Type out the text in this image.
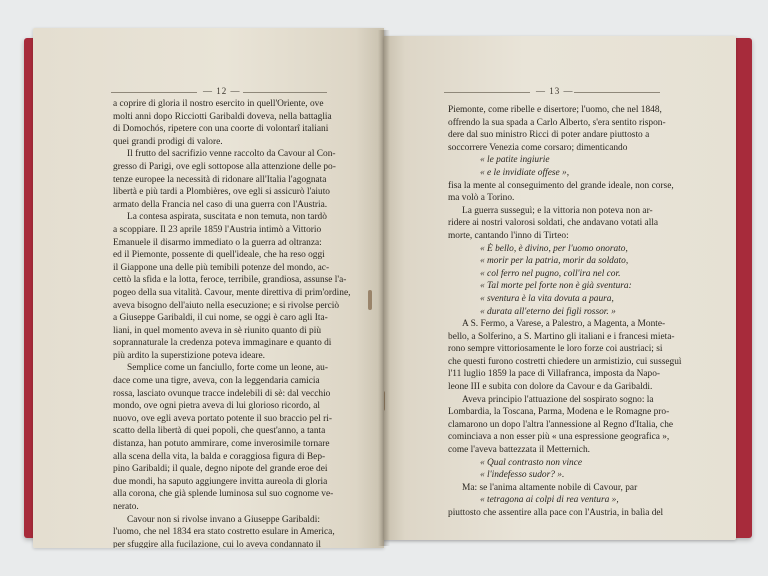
— 12 —
a coprire di gloria il nostro esercito in quell'Oriente, ove
molti anni dopo Ricciotti Garibaldi doveva, nella battaglia
di Domochós, ripetere con una coorte di volontarî italiani
quei grandi prodigi di valore.
Il frutto del sacrifizio venne raccolto da Cavour al Con-
gresso di Parigi, ove egli sottopose alla attenzione delle po-
tenze europee la necessità di ridonare all'Italia l'agognata
libertà e più tardi a Plombières, ove egli si assicurò l'aiuto
armato della Francia nel caso di una guerra con l'Austria.
La contesa aspirata, suscitata e non temuta, non tardò
a scoppiare. Il 23 aprile 1859 l'Austria intimò a Vittorio
Emanuele il disarmo immediato o la guerra ad oltranza:
ed il Piemonte, possente di quell'ideale, che ha reso oggi
il Giappone una delle più temibili potenze del mondo, ac-
cettò la sfida e la lotta, feroce, terribile, grandiosa, assunse l'a-
pogeo della sua vitalità. Cavour, mente direttiva di prim'ordine,
aveva bisogno dell'aiuto nella esecuzione; e si rivolse perciò
a Giuseppe Garibaldi, il cui nome, se oggi è caro agli Ita-
liani, in quel momento aveva in sè riunito quanto di più
soprannaturale la credenza poteva immaginare e quanto di
più ardito la superstizione poteva ideare.
Semplice come un fanciullo, forte come un leone, au-
dace come una tigre, aveva, con la leggendaria camicia
rossa, lasciato ovunque tracce indelebili di sè: dal vecchio
mondo, ove ogni pietra aveva di lui glorioso ricordo, al
nuovo, ove egli aveva portato potente il suo braccio pel ri-
scatto della libertà di quei popoli, che quest'anno, a tanta
distanza, han potuto ammirare, come inverosimile tornare
alla scena della vita, la balda e coraggiosa figura di Bep-
pino Garibaldi; il quale, degno nipote del grande eroe dei
due mondi, ha saputo aggiungere invitta aureola di gloria
alla corona, che già splende luminosa sul suo cognome ve-
nerato.
Cavour non si rivolse invano a Giuseppe Garibaldi:
l'uomo, che nel 1834 era stato costretto esulare in America,
per sfuggire alla fucilazione, cui lo aveva condannato il
— 13 —
Piemonte, come ribelle e disertore; l'uomo, che nel 1848,
offrendo la sua spada a Carlo Alberto, s'era sentito rispon-
dere dal suo ministro Ricci di poter andare piuttosto a
soccorrere Venezia come corsaro; dimenticando
« le patite ingiurie
« e le invidiate offese »,
fisa la mente al conseguimento del grande ideale, non corse,
ma volò a Torino.
La guerra susseguì; e la vittoria non poteva non ar-
ridere ai nostri valorosi soldati, che andavano votati alla
morte, cantando l'inno di Tirteo:
« È bello, è divino, per l'uomo onorato,
« morir per la patria, morir da soldato,
« col ferro nel pugno, coll'ira nel cor.
« Tal morte pel forte non è già sventura:
« sventura è la vita dovuta a paura,
« durata all'eterno dei figli rossor. »
A S. Fermo, a Varese, a Palestro, a Magenta, a Monte-
bello, a Solferino, a S. Martino gli italiani e i francesi mieta-
rono sempre vittoriosamente le loro forze coi austriaci; si
che questi furono costretti chiedere un armistizio, cui susseguì
l'11 luglio 1859 la pace di Villafranca, imposta da Napo-
leone III e subita con dolore da Cavour e da Garibaldi.
Aveva principio l'attuazione del sospirato sogno: la
Lombardia, la Toscana, Parma, Modena e le Romagne pro-
clamarono un dopo l'altra l'annessione al Regno d'Italia, che
cominciava a non esser più « una espressione geografica »,
come l'aveva battezzata il Metternich.
« Qual contrasto non vince
« l'indefesso sudor? ».
Ma: se l'anima altamente nobile di Cavour, par
« tetragona ai colpi di rea ventura »,
piuttosto che assentire alla pace con l'Austria, in balìa del
